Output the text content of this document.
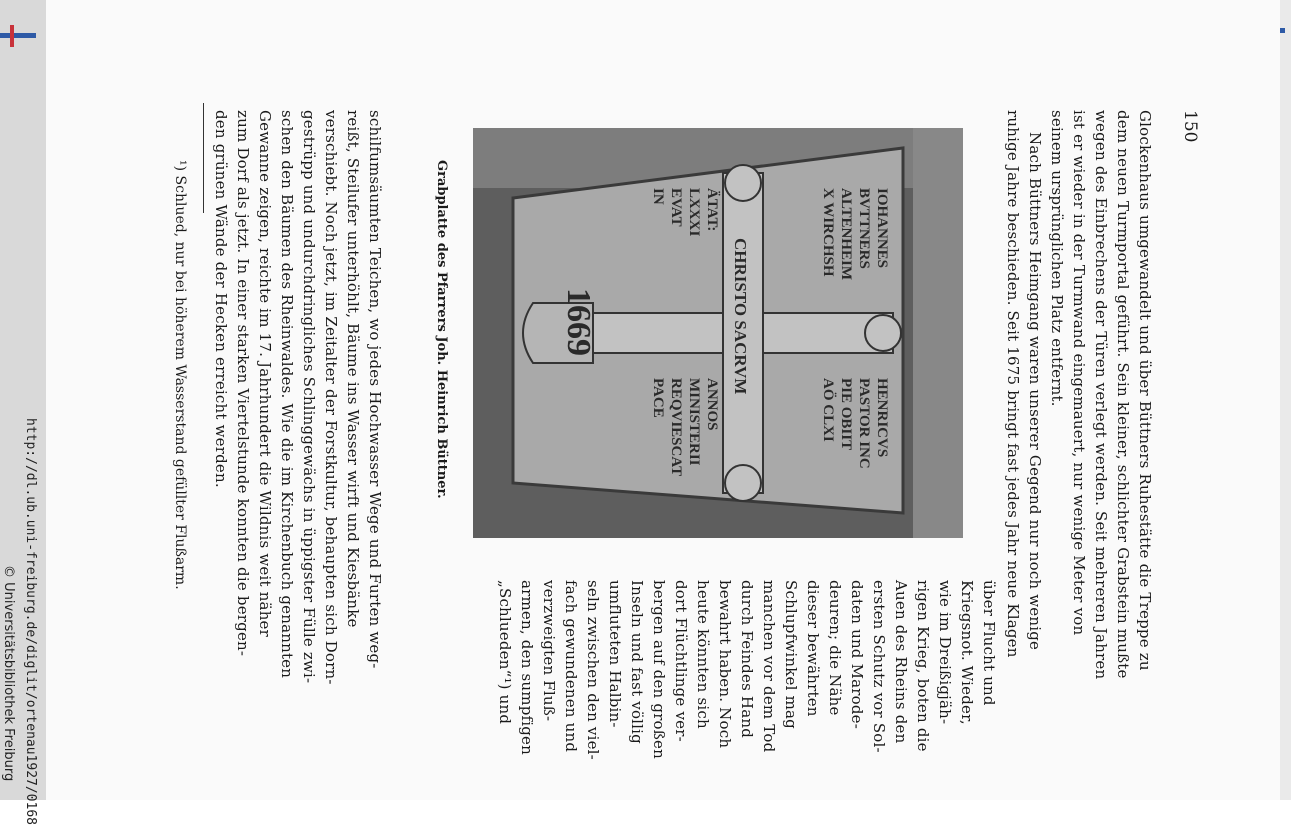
http://dl.ub.uni-freiburg.de/diglit/ortenau1927/0168
© Universitätsbibliothek Freiburg
150
Glockenhaus umgewandelt und über Büttners Ruhestätte die Treppe zu
dem neuen Turmportal geführt. Sein kleiner, schlichter Grabstein mußte
wegen des Einbrechens der Türen verlegt werden. Seit mehreren Jahren
ist er wieder in der Turmwand eingemauert, nur wenige Meter von
seinem ursprünglichen Platz entfernt.
Nach Büttners Heimgang waren unserer Gegend nur noch wenige
ruhige Jahre beschieden. Seit 1675 bringt fast jedes Jahr neue Klagen
über Flucht und
Kriegsnot. Wieder,
wie im Dreißigjäh-
rigen Krieg, boten die
Auen des Rheins den
ersten Schutz vor Sol-
daten und Marode-
deuren; die Nähe
dieser bewährten
Schlupfwinkel mag
manchen vor dem Tod
durch Feindes Hand
bewahrt haben. Noch
heute könnten sich
dort Flüchtlinge ver-
bergen auf den großen
Inseln und fast völlig
umfluteten Halbin-
seln zwischen den viel-
fach gewundenen und
verzweigten Fluß-
armen, den sumpfigen
„Schlueden“¹) und
IOHANNES
BVTTNERS
ALTENHEIM
X WIRCHSH
HENRICVS
PASTOR INC
PIE OBIIT
AÖ CLXI
CHRISTO SACRVM
ÄTAT:
LXXXI
EVAT
IN
ANNOS
MINISTERII
REQVIESCAT
PACE
1669
Grabplatte des Pfarrers Joh. Heinrich Büttner.
schilfumsäumten Teichen, wo jedes Hochwasser Wege und Furten weg-
reißt, Steilufer unterhöhlt, Bäume ins Wasser wirft und Kiesbänke
verschiebt. Noch jetzt, im Zeitalter der Forstkultur, behaupten sich Dorn-
gestrüpp und undurchdringliches Schlinggewächs in üppigster Fülle zwi-
schen den Bäumen des Rheinwaldes. Wie die im Kirchenbuch genannten
Gewanne zeigen, reichte im 17. Jahrhundert die Wildnis weit näher
zum Dorf als jetzt. In einer starken Viertelstunde konnten die bergen-
den grünen Wände der Hecken erreicht werden.
¹) Schlued, nur bei höherem Wasserstand gefüllter Flußarm.
